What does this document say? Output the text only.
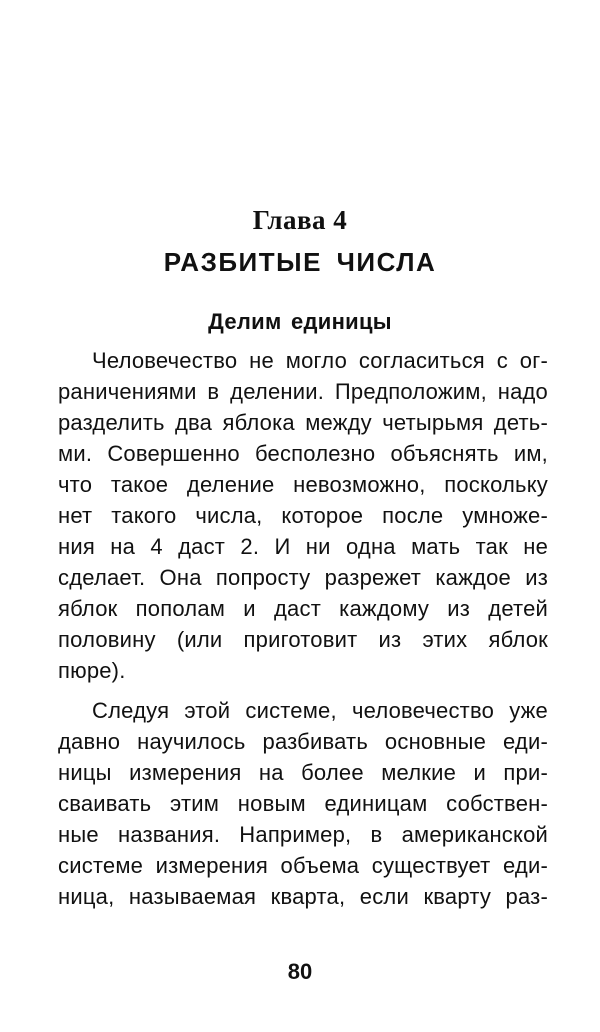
Глава 4
РАЗБИТЫЕ ЧИСЛА
Делим единицы
Человечество не могло согласиться с ог-
раничениями в делении. Предположим, надо
разделить два яблока между четырьмя деть-
ми. Совершенно бесполезно объяснять им,
что такое деление невозможно, поскольку
нет такого числа, которое после умноже-
ния на 4 даст 2. И ни одна мать так не
сделает. Она попросту разрежет каждое из
яблок пополам и даст каждому из детей
половину (или приготовит из этих яблок
пюре).
Следуя этой системе, человечество уже
давно научилось разбивать основные еди-
ницы измерения на более мелкие и при-
сваивать этим новым единицам собствен-
ные названия. Например, в американской
системе измерения объема существует еди-
ница, называемая кварта, если кварту раз-
80
